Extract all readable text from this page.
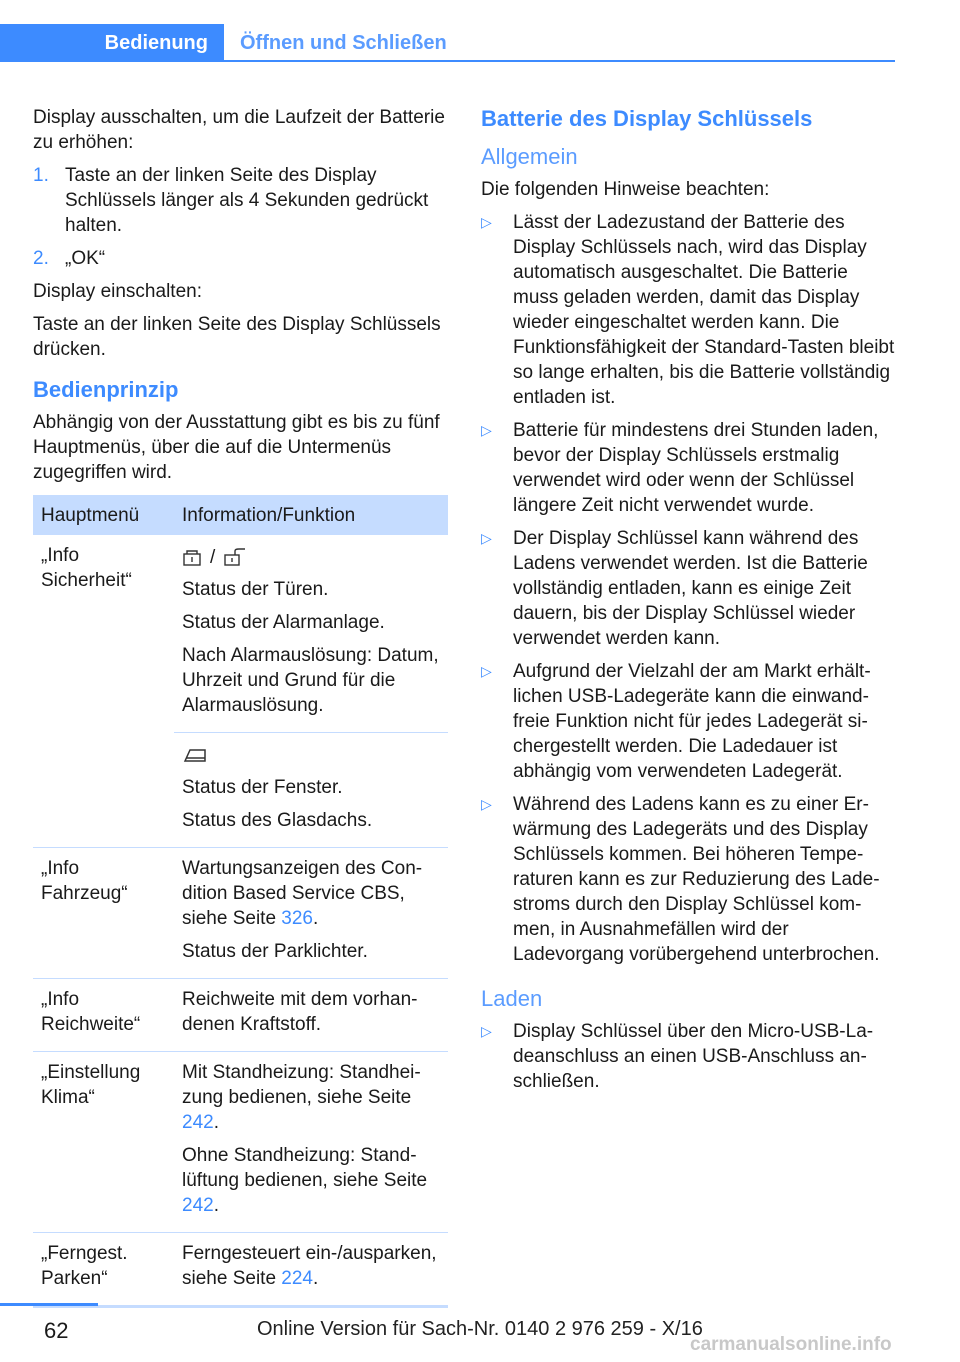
Bedienung Öffnen und Schließen

Display ausschalten, um die Laufzeit der Batterie zu erhöhen:

1. Taste an der linken Seite des Display Schlüssels länger als 4 Sekunden gedrückt halten.
2. „OK“

Display einschalten:

Taste an der linken Seite des Display Schlüssels drücken.

Bedienprinzip

Abhängig von der Ausstattung gibt es bis zu fünf Hauptmenüs, über die auf die Untermenüs zugegriffen wird.

Hauptmenü	Information/Funktion
„Info Sicherheit“	/

Status der Türen.

Status der Alarmanlage.

Nach Alarmauslösung: Datum, Uhrzeit und Grund für die Alarmauslösung.

	Status der Fenster.

Status des Glasdachs.

„Info Fahrzeug“	Wartungsanzeigen des Condition Based Service CBS, siehe Seite 326.

Status der Parklichter.

„Info Reichweite“	Reichweite mit dem vorhandenen Kraftstoff.

„Einstellung Klima“	Mit Standheizung: Standheizung bedienen, siehe Seite 242.

Ohne Standheizung: Standlüftung bedienen, siehe Seite 242.

„Ferngest. Parken“	Ferngesteuert ein-/ausparken, siehe Seite 224.

Batterie des Display Schlüssels
Allgemein

Die folgenden Hinweise beachten:

▷	Lässt der Ladezustand der Batterie des Display Schlüssels nach, wird das Display automatisch ausgeschaltet. Die Batterie muss geladen werden, damit das Display wieder eingeschaltet werden kann. Die Funktionsfähigkeit der Standard-Tasten bleibt so lange erhalten, bis die Batterie vollständig entladen ist.
▷	Batterie für mindestens drei Stunden laden, bevor der Display Schlüssels erstmalig verwendet wird oder wenn der Schlüssel längere Zeit nicht verwendet wurde.
▷	Der Display Schlüssel kann während des Ladens verwendet werden. Ist die Batterie vollständig entladen, kann es einige Zeit dauern, bis der Display Schlüssel wieder verwendet werden kann.
▷	Aufgrund der Vielzahl der am Markt erhältlichen USB-Ladegeräte kann die einwandfreie Funktion nicht für jedes Ladegerät sichergestellt werden. Die Ladedauer ist abhängig vom verwendeten Ladegerät.
▷	Während des Ladens kann es zu einer Erwärmung des Ladegeräts und des Display Schlüssels kommen. Bei höheren Temperaturen kann es zur Reduzierung des Ladestroms durch den Display Schlüssel kommen, in Ausnahmefällen wird der Ladevorgang vorübergehend unterbrochen.
Laden
▷	Display Schlüssel über den Micro-USB-Ladeanschluss an einen USB-Anschluss anschließen.
62	Online Version für Sach-Nr. 0140 2 976 259 - X/16
carmanualsonline.info
